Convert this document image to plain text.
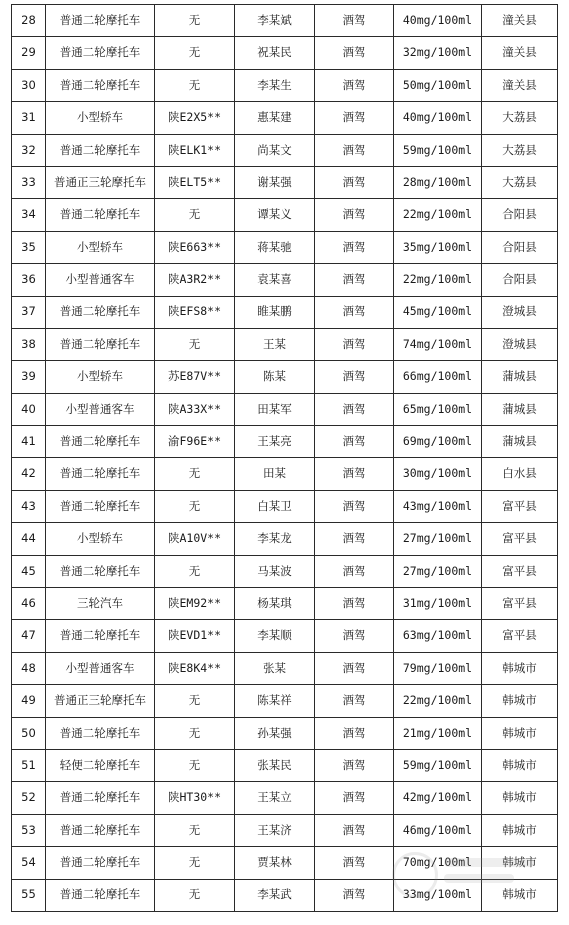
28	普通二轮摩托车	无	李某斌	酒驾	40mg/100ml	潼关县
29	普通二轮摩托车	无	祝某民	酒驾	32mg/100ml	潼关县
30	普通二轮摩托车	无	李某生	酒驾	50mg/100ml	潼关县
31	小型轿车	陕E2X5**	惠某建	酒驾	40mg/100ml	大荔县
32	普通二轮摩托车	陕ELK1**	尚某文	酒驾	59mg/100ml	大荔县
33	普通正三轮摩托车	陕ELT5**	谢某强	酒驾	28mg/100ml	大荔县
34	普通二轮摩托车	无	谭某义	酒驾	22mg/100ml	合阳县
35	小型轿车	陕E663**	蒋某驰	酒驾	35mg/100ml	合阳县
36	小型普通客车	陕A3R2**	袁某喜	酒驾	22mg/100ml	合阳县
37	普通二轮摩托车	陕EFS8**	睢某鹏	酒驾	45mg/100ml	澄城县
38	普通二轮摩托车	无	王某	酒驾	74mg/100ml	澄城县
39	小型轿车	苏E87V**	陈某	酒驾	66mg/100ml	蒲城县
40	小型普通客车	陕A33X**	田某军	酒驾	65mg/100ml	蒲城县
41	普通二轮摩托车	渝F96E**	王某亮	酒驾	69mg/100ml	蒲城县
42	普通二轮摩托车	无	田某	酒驾	30mg/100ml	白水县
43	普通二轮摩托车	无	白某卫	酒驾	43mg/100ml	富平县
44	小型轿车	陕A10V**	李某龙	酒驾	27mg/100ml	富平县
45	普通二轮摩托车	无	马某波	酒驾	27mg/100ml	富平县
46	三轮汽车	陕EM92**	杨某琪	酒驾	31mg/100ml	富平县
47	普通二轮摩托车	陕EVD1**	李某顺	酒驾	63mg/100ml	富平县
48	小型普通客车	陕E8K4**	张某	酒驾	79mg/100ml	韩城市
49	普通正三轮摩托车	无	陈某祥	酒驾	22mg/100ml	韩城市
50	普通二轮摩托车	无	孙某强	酒驾	21mg/100ml	韩城市
51	轻便二轮摩托车	无	张某民	酒驾	59mg/100ml	韩城市
52	普通二轮摩托车	陕HT30**	王某立	酒驾	42mg/100ml	韩城市
53	普通二轮摩托车	无	王某济	酒驾	46mg/100ml	韩城市
54	普通二轮摩托车	无	贾某林	酒驾	70mg/100ml	韩城市
55	普通二轮摩托车	无	李某武	酒驾	33mg/100ml	韩城市
